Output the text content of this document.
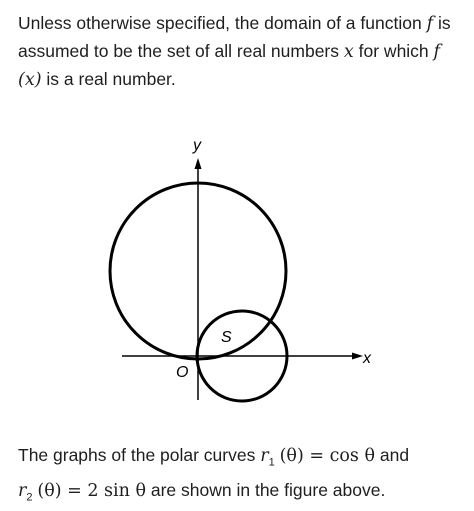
Unless otherwise specified, the domain of a function f is assumed to be the set of all real numbers x for which f (x) is a real number.
y
x
O
S
The graphs of the polar curves $r_1$ (θ) = cos θ and
$r_2$ (θ) = 2 sin θ are shown in the figure above.
